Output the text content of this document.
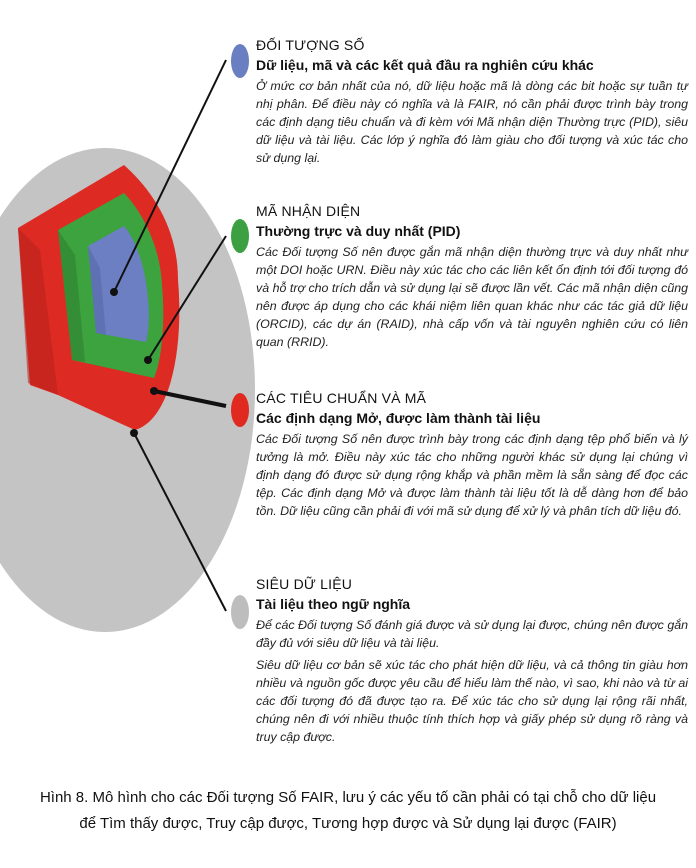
ĐỐI TƯỢNG SỐ
Dữ liệu, mã và các kết quả đầu ra nghiên cứu khác

Ở mức cơ bản nhất của nó, dữ liệu hoặc mã là dòng các bit hoặc sự tuần tự nhị phân. Để điều này có nghĩa và là FAIR, nó cần phải được trình bày trong các định dạng tiêu chuẩn và đi kèm với Mã nhận diện Thường trực (PID), siêu dữ liệu và tài liệu. Các lớp ý nghĩa đó làm giàu cho đối tượng và xúc tác cho sử dụng lại.

MÃ NHẬN DIỆN
Thường trực và duy nhất (PID)

Các Đối tượng Số nên được gắn mã nhận diện thường trực và duy nhất như một DOI hoặc URN. Điều này xúc tác cho các liên kết ổn định tới đối tượng đó và hỗ trợ cho trích dẫn và sử dụng lại sẽ được lần vết. Các mã nhận diện cũng nên được áp dụng cho các khái niệm liên quan khác như các tác giả dữ liệu (ORCID), các dự án (RAID), nhà cấp vốn và tài nguyên nghiên cứu có liên quan (RRID).

CÁC TIÊU CHUẨN VÀ MÃ
Các định dạng Mở, được làm thành tài liệu

Các Đối tượng Số nên được trình bày trong các định dạng tệp phổ biến và lý tưởng là mở. Điều này xúc tác cho những người khác sử dụng lại chúng vì định dạng đó được sử dụng rộng khắp và phần mềm là sẵn sàng để đọc các tệp. Các định dạng Mở và được làm thành tài liệu tốt là dễ dàng hơn để bảo tồn. Dữ liệu cũng cần phải đi với mã sử dụng để xử lý và phân tích dữ liệu đó.

SIÊU DỮ LIỆU
Tài liệu theo ngữ nghĩa

Để các Đối tượng Số đánh giá được và sử dụng lại được, chúng nên được gắn đầy đủ với siêu dữ liệu và tài liệu.

Siêu dữ liệu cơ bản sẽ xúc tác cho phát hiện dữ liệu, và cả thông tin giàu hơn nhiều và nguồn gốc được yêu cầu để hiểu làm thế nào, vì sao, khi nào và từ ai các đối tượng đó đã được tạo ra. Để xúc tác cho sử dụng lại rộng rãi nhất, chúng nên đi với nhiều thuộc tính thích hợp và giấy phép sử dụng rõ ràng và truy cập được.

Hình 8. Mô hình cho các Đối tượng Số FAIR, lưu ý các yếu tố cần phải có tại chỗ cho dữ liệu
để Tìm thấy được, Truy cập được, Tương hợp được và Sử dụng lại được (FAIR)
